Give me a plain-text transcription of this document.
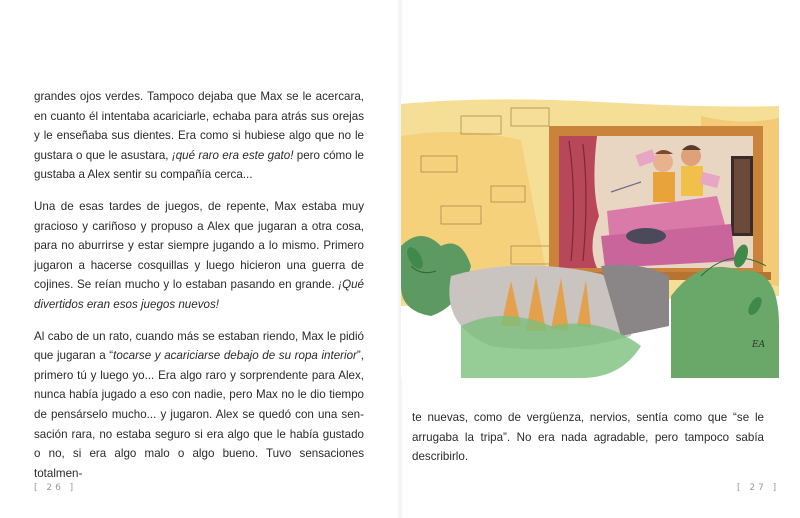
grandes ojos verdes. Tampoco dejaba que Max se le acercara, en cuanto él intentaba acariciarle, echaba para atrás sus orejas y le enseñaba sus dientes. Era como si hubiese algo que no le gustara o que le asustara, ¡qué raro era este gato! pero cómo le gustaba a Alex sentir su compañía cerca...

Una de esas tardes de juegos, de repente, Max estaba muy gracioso y cariñoso y propuso a Alex que jugaran a otra cosa, para no aburrirse y estar siempre jugando a lo mismo. Primero jugaron a hacerse cosquillas y luego hicieron una guerra de cojines. Se reían mucho y lo estaban pasando en grande. ¡Qué divertidos eran esos juegos nuevos!

Al cabo de un rato, cuando más se estaban riendo, Max le pidió que jugaran a “tocarse y acariciarse debajo de su ropa interior”, primero tú y luego yo... Era algo raro y sorprendente para Alex, nunca había jugado a eso con nadie, pero Max no le dio tiempo de pensárselo mucho... y jugaron. Alex se quedó con una sensación rara, no estaba seguro si era algo que le había gustado o no, si era algo malo o algo bueno. Tuvo sensaciones totalmen-

[ 26 ]
EA

te nuevas, como de vergüenza, nervios, sentía como que “se le arrugaba la tripa”. No era nada agradable, pero tampoco sabía describirlo.

[ 27 ]
